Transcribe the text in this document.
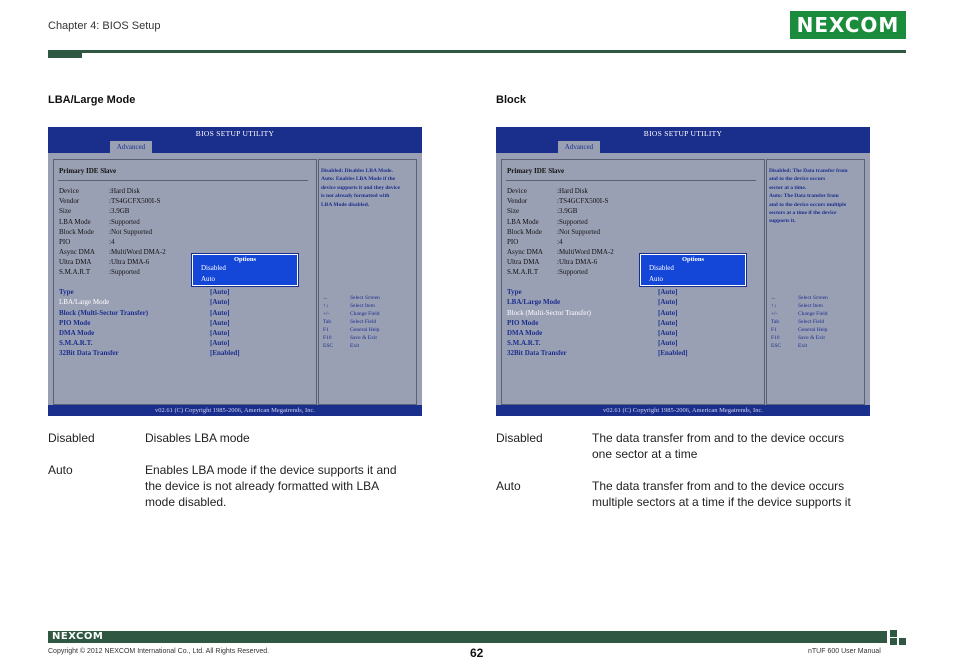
Chapter 4: BIOS Setup	NEXCOM
LBA/Large Mode	Block
BIOS SETUP UTILITY
Advanced
Primary IDE Slave
Device	:Hard Disk
Vendor	:TS4GCFX500I-S
Size	:3.9GB
LBA Mode	:Supported
Block Mode :Not Supported
PIO	:4
Async DMA :MultiWord DMA-2
Ultra DMA	:Ultra DMA-6
S.M.A.R.T	:Supported
Options
Disabled
Auto
Type	[Auto]
LBA/Large Mode	[Auto]
Block (Multi-Sector Transfer)	[Auto]
PIO Mode	[Auto]
DMA Mode	[Auto]
S.M.A.R.T.	[Auto]
32Bit Data Transfer	[Enabled]
Disabled: Disables LBA Mode.
Auto: Enables LBA Mode if the
device supports it and they device
is not already formatted with
LBA Mode disabled.
←	Select Screen
↑↓	Select Item
+/-	Change Field
Tab	Select Field
F1	General Help
F10	Save & Exit
ESC	Exit
v02.61 (C) Copyright 1985-2006, American Megatrends, Inc.
BIOS SETUP UTILITY
Advanced
Primary IDE Slave
Device	:Hard Disk
Vendor	:TS4GCFX500I-S
Size	:3.9GB
LBA Mode	:Supported
Block Mode :Not Supported
PIO	:4
Async DMA :MultiWord DMA-2
Ultra DMA	:Ultra DMA-6
S.M.A.R.T	:Supported
Options
Disabled
Auto
Type	[Auto]
LBA/Large Mode	[Auto]
Block (Multi-Sector Transfer)	[Auto]
PIO Mode	[Auto]
DMA Mode	[Auto]
S.M.A.R.T.	[Auto]
32Bit Data Transfer	[Enabled]
Disabled: The Data transfer from
and to the device occurs
sector at a time.
Auto: The Data transfer from
and to the device occurs multiple
sectors at a time if the device
supports it.
←	Select Screen
↑↓	Select Item
+/-	Change Field
Tab	Select Field
F1	General Help
F10	Save & Exit
ESC	Exit
v02.61 (C) Copyright 1985-2006, American Megatrends, Inc.
Disabled	Disables LBA mode
Auto	Enables LBA mode if the device supports it and the device is not already formatted with LBA mode disabled.
Disabled	The data transfer from and to the device occurs one sector at a time
Auto	The data transfer from and to the device occurs multiple sectors at a time if the device supports it
NEXCOM
Copyright © 2012 NEXCOM International Co., Ltd. All Rights Reserved.	62	nTUF 600 User Manual
